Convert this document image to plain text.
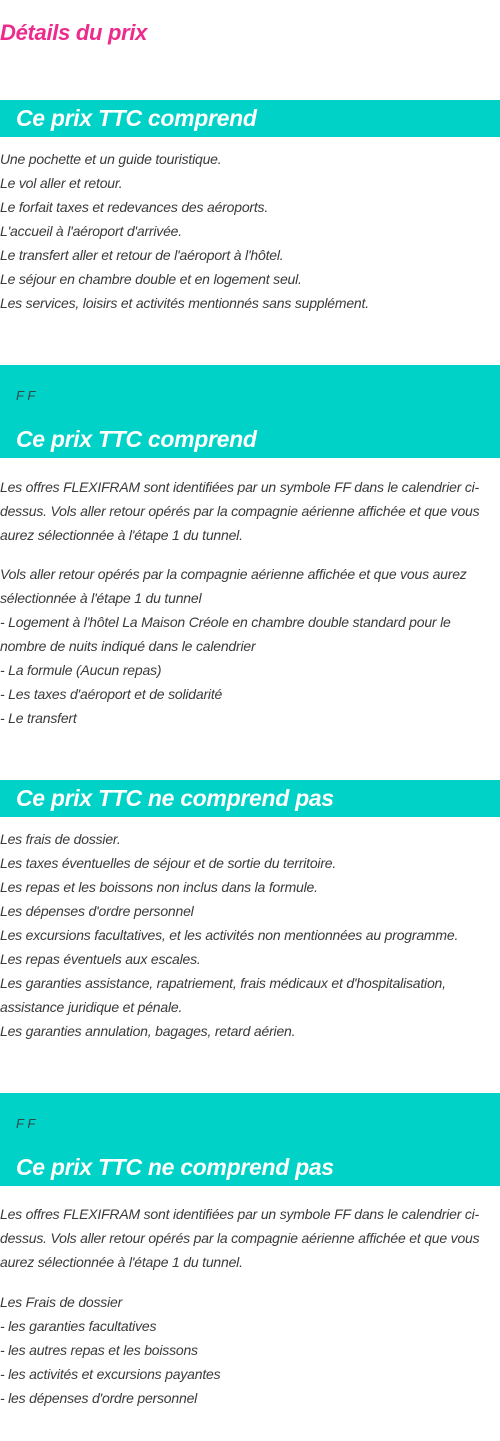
Détails du prix
Ce prix TTC comprend
Une pochette et un guide touristique.
Le vol aller et retour.
Le forfait taxes et redevances des aéroports.
L'accueil à l'aéroport d'arrivée.
Le transfert aller et retour de l'aéroport à l'hôtel.
Le séjour en chambre double et en logement seul.
Les services, loisirs et activités mentionnés sans supplément.
F F
Ce prix TTC comprend
Les offres FLEXIFRAM sont identifiées par un symbole FF dans le calendrier ci-
dessus. Vols aller retour opérés par la compagnie aérienne affichée et que vous
aurez sélectionnée à l'étape 1 du tunnel.
Vols aller retour opérés par la compagnie aérienne affichée et que vous aurez
sélectionnée à l'étape 1 du tunnel
- Logement à l'hôtel La Maison Créole en chambre double standard pour le
nombre de nuits indiqué dans le calendrier
- La formule (Aucun repas)
- Les taxes d'aéroport et de solidarité
- Le transfert
Ce prix TTC ne comprend pas
Les frais de dossier.
Les taxes éventuelles de séjour et de sortie du territoire.
Les repas et les boissons non inclus dans la formule.
Les dépenses d'ordre personnel
Les excursions facultatives, et les activités non mentionnées au programme.
Les repas éventuels aux escales.
Les garanties assistance, rapatriement, frais médicaux et d'hospitalisation,
assistance juridique et pénale.
Les garanties annulation, bagages, retard aérien.
F F
Ce prix TTC ne comprend pas
Les offres FLEXIFRAM sont identifiées par un symbole FF dans le calendrier ci-
dessus. Vols aller retour opérés par la compagnie aérienne affichée et que vous
aurez sélectionnée à l'étape 1 du tunnel.
Les Frais de dossier
- les garanties facultatives
- les autres repas et les boissons
- les activités et excursions payantes
- les dépenses d'ordre personnel
